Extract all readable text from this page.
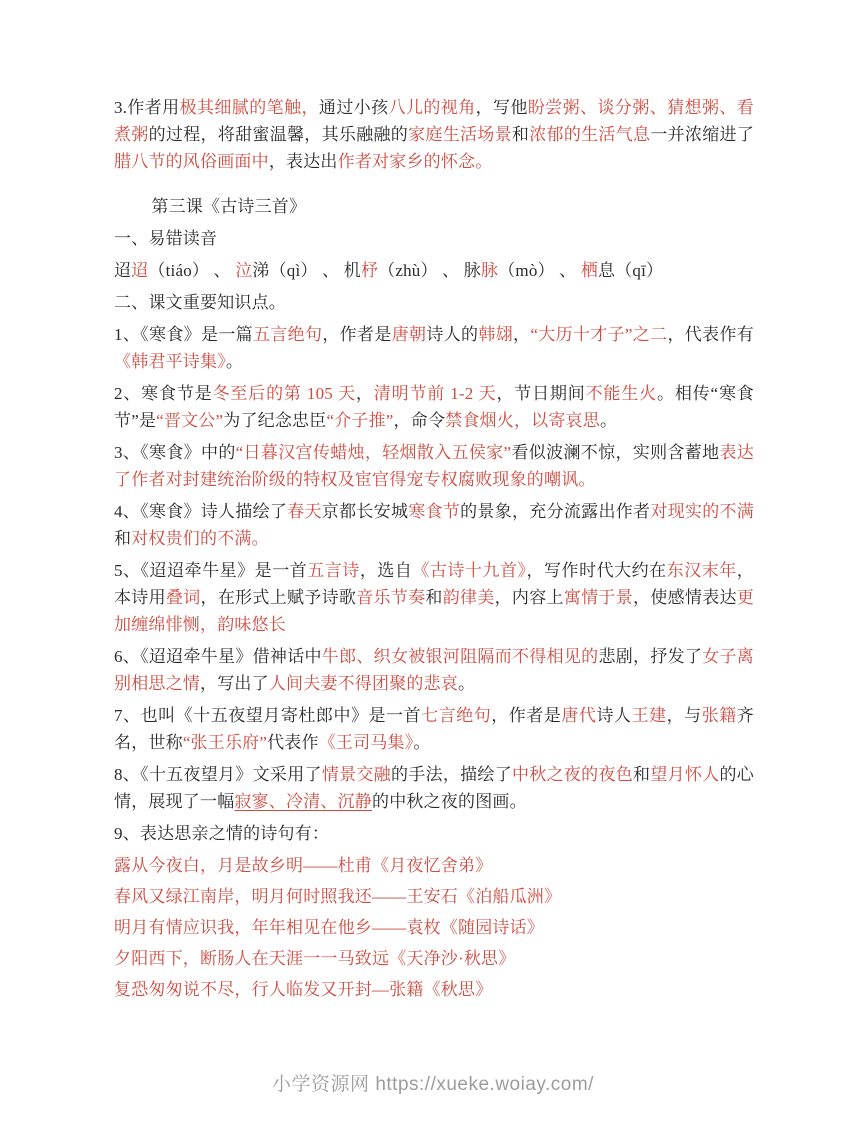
3.作者用极其细腻的笔触，通过小孩八儿的视角，写他盼尝粥、谈分粥、猜想粥、看煮粥的过程，将甜蜜温馨，其乐融融的家庭生活场景和浓郁的生活气息一并浓缩进了腊八节的风俗画面中，表达出作者对家乡的怀念。

第三课《古诗三首》

一、易错读音

迢迢（tiáo） 、 泣涕（qì） 、 机杼（zhù） 、 脉脉（mò） 、 栖息（qī）

二、课文重要知识点。

1、《寒食》是一篇五言绝句，作者是唐朝诗人的韩翃，“大历十才子”之二，代表作有《韩君平诗集》。

2、寒食节是冬至后的第 105 天，清明节前 1-2 天，节日期间不能生火。相传“寒食节”是“晋文公”为了纪念忠臣“介子推”，命令禁食烟火，以寄哀思。

3、《寒食》中的“日暮汉宫传蜡烛，轻烟散入五侯家”看似波澜不惊，实则含蓄地表达了作者对封建统治阶级的特权及宦官得宠专权腐败现象的嘲讽。

4、《寒食》诗人描绘了春天京都长安城寒食节的景象，充分流露出作者对现实的不满和对权贵们的不满。

5、《迢迢牵牛星》是一首五言诗，选自《古诗十九首》，写作时代大约在东汉末年，本诗用叠词，在形式上赋予诗歌音乐节奏和韵律美，内容上寓情于景，使感情表达更加缠绵悱恻，韵味悠长

6、《迢迢牵牛星》借神话中牛郎、织女被银河阻隔而不得相见的悲剧，抒发了女子离别相思之情，写出了人间夫妻不得团聚的悲哀。

7、也叫《十五夜望月寄杜郎中》是一首七言绝句，作者是唐代诗人王建，与张籍齐名，世称“张王乐府”代表作《王司马集》。

8、《十五夜望月》文采用了情景交融的手法，描绘了中秋之夜的夜色和望月怀人的心情，展现了一幅寂寥、冷清、沉静的中秋之夜的图画。

9、表达思亲之情的诗句有：

露从今夜白，月是故乡明——杜甫《月夜忆舍弟》

春风又绿江南岸，明月何时照我还——王安石《泊船瓜洲》

明月有情应识我，年年相见在他乡——袁枚《随园诗话》

夕阳西下，断肠人在天涯一一马致远《天净沙·秋思》

复恐匆匆说不尽，行人临发又开封—张籍《秋思》

小学资源网 https://xueke.woiay.com/
